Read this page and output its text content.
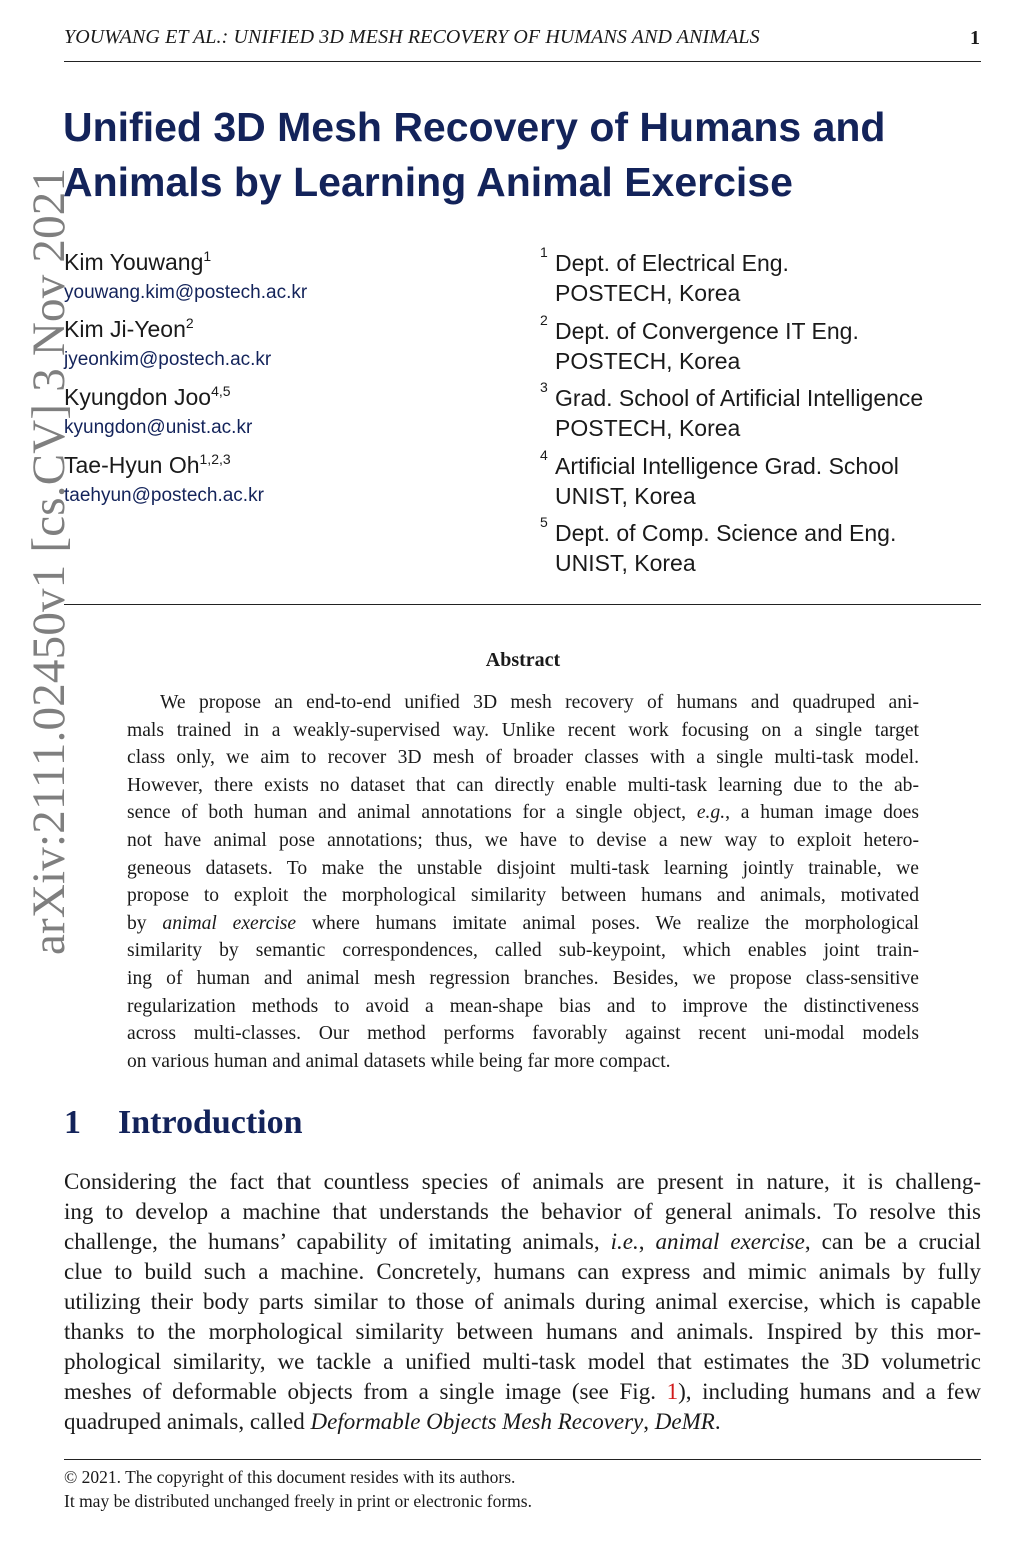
YOUWANG ET AL.: UNIFIED 3D MESH RECOVERY OF HUMANS AND ANIMALS	1
arXiv:2111.02450v1 [cs.CV] 3 Nov 2021
Unified 3D Mesh Recovery of Humans and
Animals by Learning Animal Exercise
Kim Youwang$^1$
youwang.kim@postech.ac.kr
Kim Ji-Yeon$^2$
jyeonkim@postech.ac.kr
Kyungdon Joo$^{4,5}$
kyungdon@unist.ac.kr
Tae-Hyun Oh$^{1,2,3}$
taehyun@postech.ac.kr
1 Dept. of Electrical Eng.
POSTECH, Korea
2 Dept. of Convergence IT Eng.
POSTECH, Korea
3 Grad. School of Artificial Intelligence
POSTECH, Korea
4 Artificial Intelligence Grad. School
UNIST, Korea
5 Dept. of Comp. Science and Eng.
UNIST, Korea
Abstract

We propose an end-to-end unified 3D mesh recovery of humans and quadruped ani-
mals trained in a weakly-supervised way. Unlike recent work focusing on a single target
class only, we aim to recover 3D mesh of broader classes with a single multi-task model.
However, there exists no dataset that can directly enable multi-task learning due to the ab-
sence of both human and animal annotations for a single object, e.g., a human image does
not have animal pose annotations; thus, we have to devise a new way to exploit hetero-
geneous datasets. To make the unstable disjoint multi-task learning jointly trainable, we
propose to exploit the morphological similarity between humans and animals, motivated
by animal exercise where humans imitate animal poses. We realize the morphological
similarity by semantic correspondences, called sub-keypoint, which enables joint train-
ing of human and animal mesh regression branches. Besides, we propose class-sensitive
regularization methods to avoid a mean-shape bias and to improve the distinctiveness
across multi-classes. Our method performs favorably against recent uni-modal models
on various human and animal datasets while being far more compact.

1 Introduction

Considering the fact that countless species of animals are present in nature, it is challeng-
ing to develop a machine that understands the behavior of general animals. To resolve this
challenge, the humans’ capability of imitating animals, i.e., animal exercise, can be a crucial
clue to build such a machine. Concretely, humans can express and mimic animals by fully
utilizing their body parts similar to those of animals during animal exercise, which is capable
thanks to the morphological similarity between humans and animals. Inspired by this mor-
phological similarity, we tackle a unified multi-task model that estimates the 3D volumetric
meshes of deformable objects from a single image (see Fig. 1), including humans and a few
quadruped animals, called Deformable Objects Mesh Recovery, DeMR.

© 2021. The copyright of this document resides with its authors.
It may be distributed unchanged freely in print or electronic forms.
